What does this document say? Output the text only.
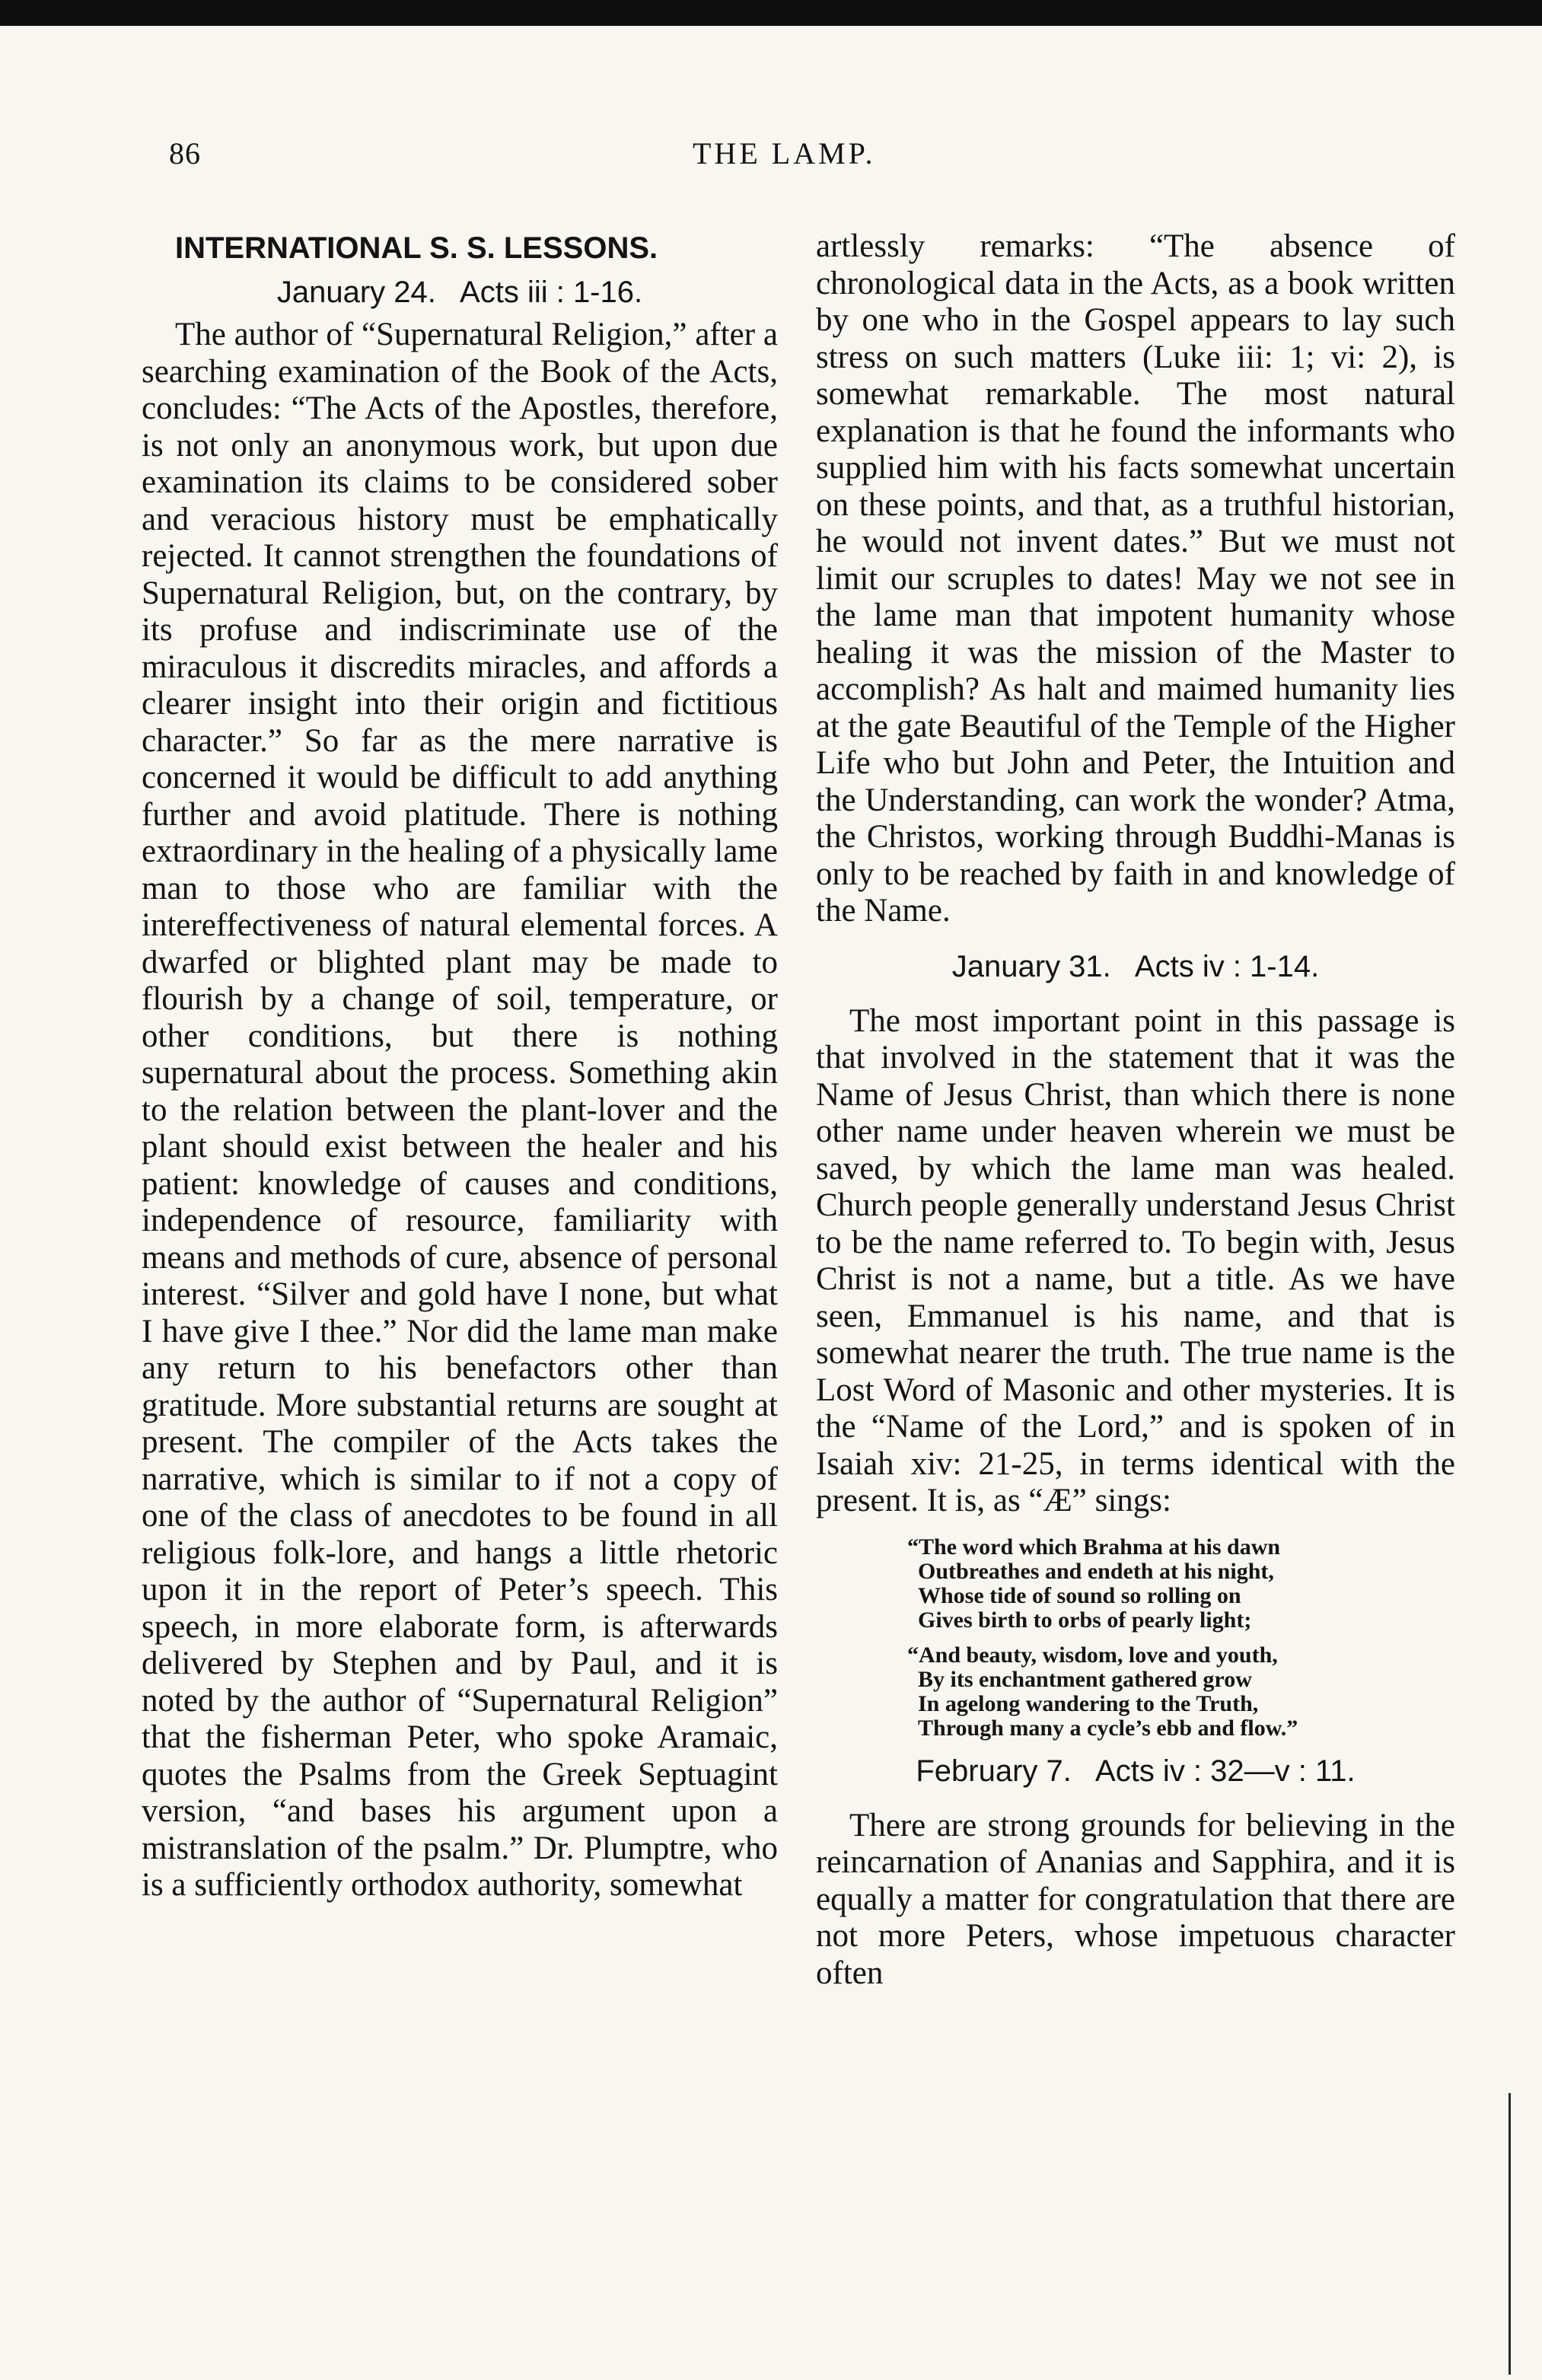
86	THE LAMP.
INTERNATIONAL S. S. LESSONS.
January 24.   Acts iii : 1-16.

The author of “Supernatural Religion,” after a searching examination of the Book of the Acts, concludes: “The Acts of the Apostles, therefore, is not only an anonymous work, but upon due examination its claims to be considered sober and veracious history must be emphatically rejected. It cannot strengthen the foundations of Supernatural Religion, but, on the contrary, by its profuse and indiscriminate use of the miraculous it discredits miracles, and affords a clearer insight into their origin and fictitious character.” So far as the mere narrative is concerned it would be difficult to add anything further and avoid platitude. There is nothing extraordinary in the healing of a physically lame man to those who are familiar with the intereffectiveness of natural elemental forces. A dwarfed or blighted plant may be made to flourish by a change of soil, temperature, or other conditions, but there is nothing supernatural about the process. Something akin to the relation between the plant-lover and the plant should exist between the healer and his patient: knowledge of causes and conditions, independence of resource, familiarity with means and methods of cure, absence of personal interest. “Silver and gold have I none, but what I have give I thee.” Nor did the lame man make any return to his benefactors other than gratitude. More substantial returns are sought at present. The compiler of the Acts takes the narrative, which is similar to if not a copy of one of the class of anecdotes to be found in all religious folk-lore, and hangs a little rhetoric upon it in the report of Peter’s speech. This speech, in more elaborate form, is afterwards delivered by Stephen and by Paul, and it is noted by the author of “Supernatural Religion” that the fisherman Peter, who spoke Aramaic, quotes the Psalms from the Greek Septuagint version, “and bases his argument upon a mistranslation of the psalm.” Dr. Plumptre, who is a sufficiently orthodox authority, somewhat

artlessly remarks: “The absence of chronological data in the Acts, as a book written by one who in the Gospel appears to lay such stress on such matters (Luke iii: 1; vi: 2), is somewhat remarkable. The most natural explanation is that he found the informants who supplied him with his facts somewhat uncertain on these points, and that, as a truthful historian, he would not invent dates.” But we must not limit our scruples to dates! May we not see in the lame man that impotent humanity whose healing it was the mission of the Master to accomplish? As halt and maimed humanity lies at the gate Beautiful of the Temple of the Higher Life who but John and Peter, the Intuition and the Understanding, can work the wonder? Atma, the Christos, working through Buddhi-Manas is only to be reached by faith in and knowledge of the Name.

January 31.   Acts iv : 1-14.

The most important point in this passage is that involved in the statement that it was the Name of Jesus Christ, than which there is none other name under heaven wherein we must be saved, by which the lame man was healed. Church people generally understand Jesus Christ to be the name referred to. To begin with, Jesus Christ is not a name, but a title. As we have seen, Emmanuel is his name, and that is somewhat nearer the truth. The true name is the Lost Word of Masonic and other mysteries. It is the “Name of the Lord,” and is spoken of in Isaiah xiv: 21-25, in terms identical with the present. It is, as “Æ” sings:

“The word which Brahma at his dawn
Outbreathes and endeth at his night,
Whose tide of sound so rolling on
Gives birth to orbs of pearly light;
“And beauty, wisdom, love and youth,
By its enchantment gathered grow
In agelong wandering to the Truth,
Through many a cycle’s ebb and flow.”
February 7.   Acts iv : 32—v : 11.

There are strong grounds for believing in the reincarnation of Ananias and Sapphira, and it is equally a matter for congratulation that there are not more Peters, whose impetuous character often
